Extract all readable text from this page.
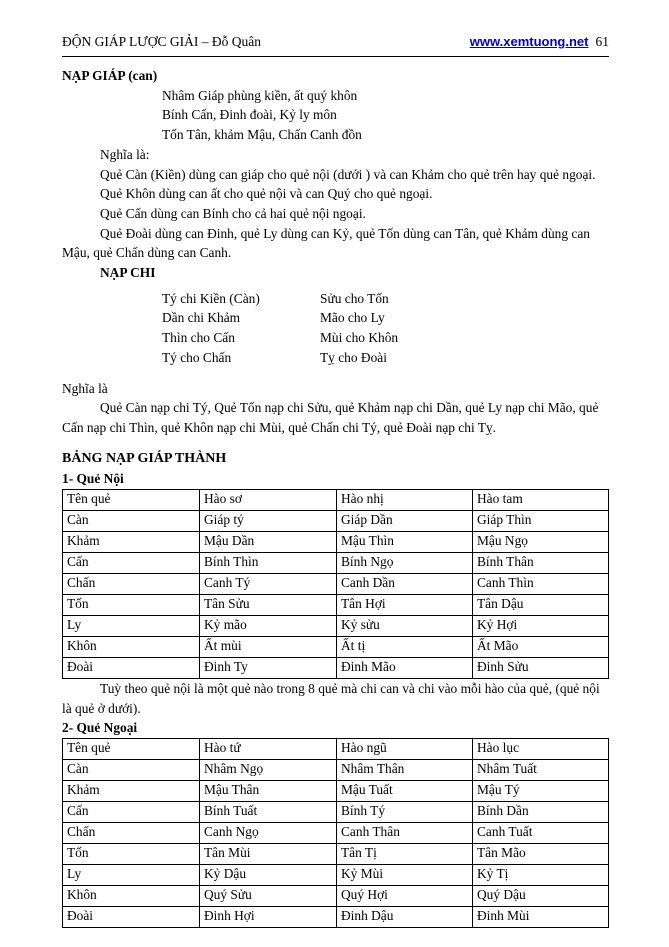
ĐỘN GIÁP LƯỢC GIẢI – Đỗ Quân	www.xemtuong.net 61

NẠP GIÁP (can)

Nhâm Giáp phùng kiền, ất quý khôn

Bính Cấn, Đinh đoài, Kỷ ly môn

Tốn Tân, khảm Mậu, Chấn Canh đồn

Nghĩa là:

Quẻ Càn (Kiền) dùng can giáp cho quẻ nội (dưới ) và can Khảm cho quẻ trên hay quẻ ngoại.

Quẻ Khôn dùng can ất cho quẻ nội và can Quý cho quẻ ngoại.

Quẻ Cấn dùng can Bính cho cả hai quẻ nội ngoại.

Quẻ Đoài dùng can Đinh, quẻ Ly dùng can Kỷ, quẻ Tốn dùng can Tân, quẻ Khảm dùng can Mậu, quẻ Chấn dùng can Canh.

NẠP CHI

Tý chi Kiền (Càn)	Sửu cho Tốn
Dần chi Khảm	Mão cho Ly
Thìn cho Cấn	Mùi cho Khôn
Tý cho Chấn	Tỵ cho Đoài

Nghĩa là

Quẻ Càn nạp chi Tý, Quẻ Tốn nạp chi Sửu, quẻ Khảm nạp chi Dần, quẻ Ly nạp chi Mão, quẻ Cấn nạp chi Thìn, quẻ Khôn nạp chi Mùi, quẻ Chấn chi Tý, quẻ Đoài nạp chi Tỵ.

BẢNG NẠP GIÁP THÀNH

1- Quẻ Nội

Tên quẻ	Hào sơ	Hào nhị	Hào tam
Càn	Giáp tý	Giáp Dần	Giáp Thìn
Khảm	Mậu Dần	Mậu Thìn	Mậu Ngọ
Cấn	Bính Thìn	Bính Ngọ	Bính Thân
Chấn	Canh Tý	Canh Dần	Canh Thìn
Tốn	Tân Sửu	Tân Hợi	Tân Dậu
Ly	Kỷ mão	Kỷ sửu	Kỷ Hợi
Khôn	Ất mùi	Ất tị	Ất Mão
Đoài	Đinh Ty	Đinh Mão	Đinh Sửu

Tuỳ theo quẻ nội là một quẻ nào trong 8 quẻ mà chi can và chi vào mỗi hào của quẻ, (quẻ nội là quẻ ở dưới).

2- Quẻ Ngoại

Tên quẻ	Hào tứ	Hào ngũ	Hào lục
Càn	Nhâm Ngọ	Nhâm Thân	Nhâm Tuất
Khảm	Mậu Thân	Mậu Tuất	Mậu Tý
Cấn	Bính Tuất	Bính Tý	Bính Dần
Chấn	Canh Ngọ	Canh Thân	Canh Tuất
Tốn	Tân Mùi	Tân Tị	Tân Mão
Ly	Kỷ Dậu	Kỷ Mùi	Kỷ Tị
Khôn	Quý Sửu	Quý Hợi	Quý Dậu
Đoài	Đinh Hợi	Đinh Dậu	Đinh Mùi
